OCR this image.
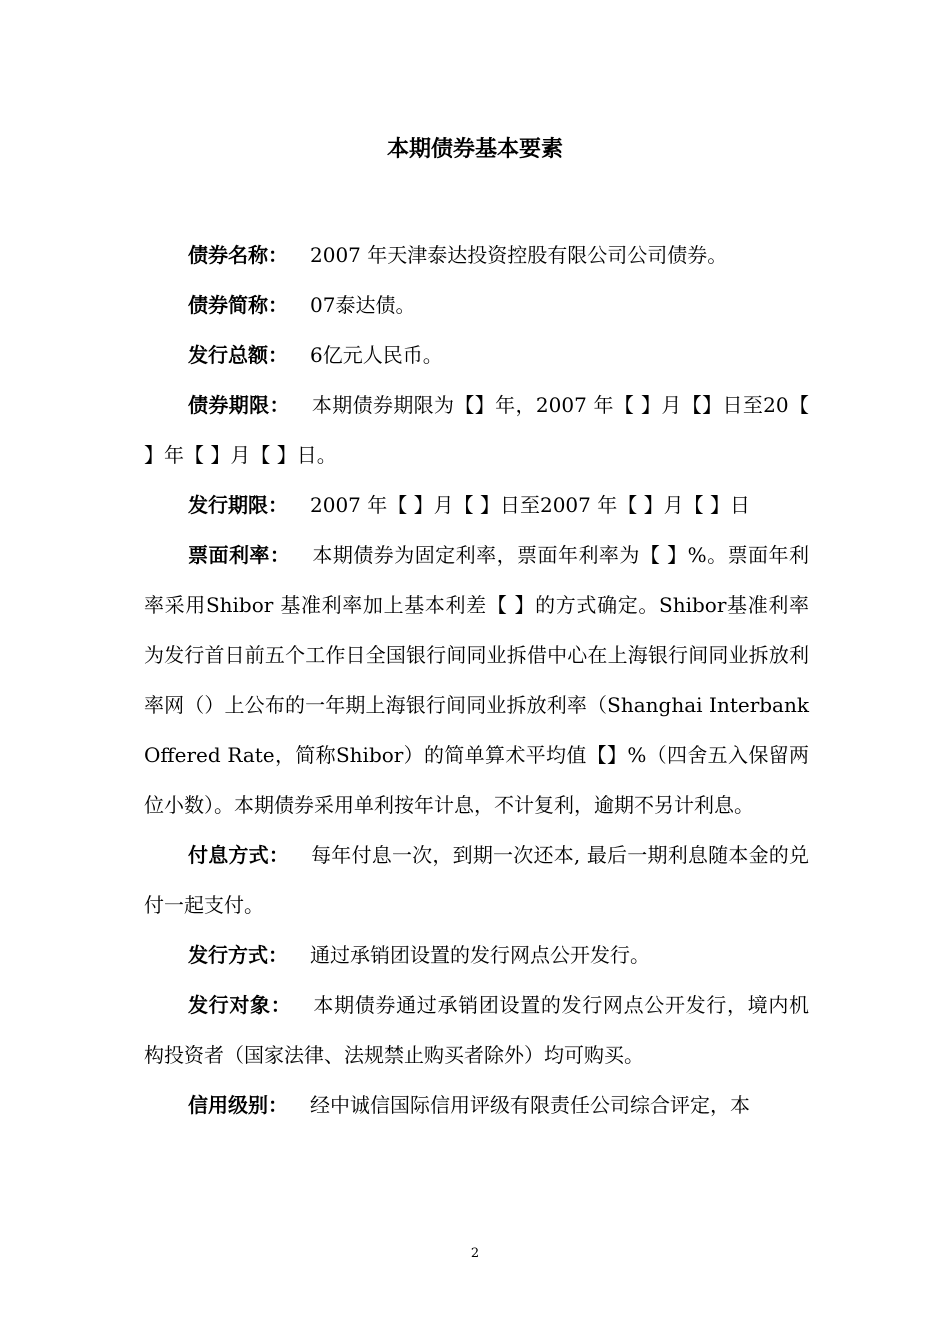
本期债券基本要素

债券名称： 2007 年天津泰达投资控股有限公司公司债券。

债券简称： 07泰达债。

发行总额： 6亿元人民币。

债券期限： 本期债券期限为【】年，2007 年【 】月【】日至20【 】年【 】月【 】日。

发行期限： 2007 年【 】月【 】日至2007 年【 】月【 】日

票面利率： 本期债券为固定利率，票面年利率为【 】%。票面年利率采用Shibor 基准利率加上基本利差【 】的方式确定。Shibor基准利率为发行首日前五个工作日全国银行间同业拆借中心在上海银行间同业拆放利率网（）上公布的一年期上海银行间同业拆放利率（Shanghai Interbank Offered Rate，简称Shibor）的简单算术平均值【】%（四舍五入保留两位小数）。本期债券采用单利按年计息，不计复利，逾期不另计利息。

付息方式： 每年付息一次，到期一次还本, 最后一期利息随本金的兑付一起支付。

发行方式： 通过承销团设置的发行网点公开发行。

发行对象： 本期债券通过承销团设置的发行网点公开发行，境内机构投资者（国家法律、法规禁止购买者除外）均可购买。

信用级别： 经中诚信国际信用评级有限责任公司综合评定，本

2
